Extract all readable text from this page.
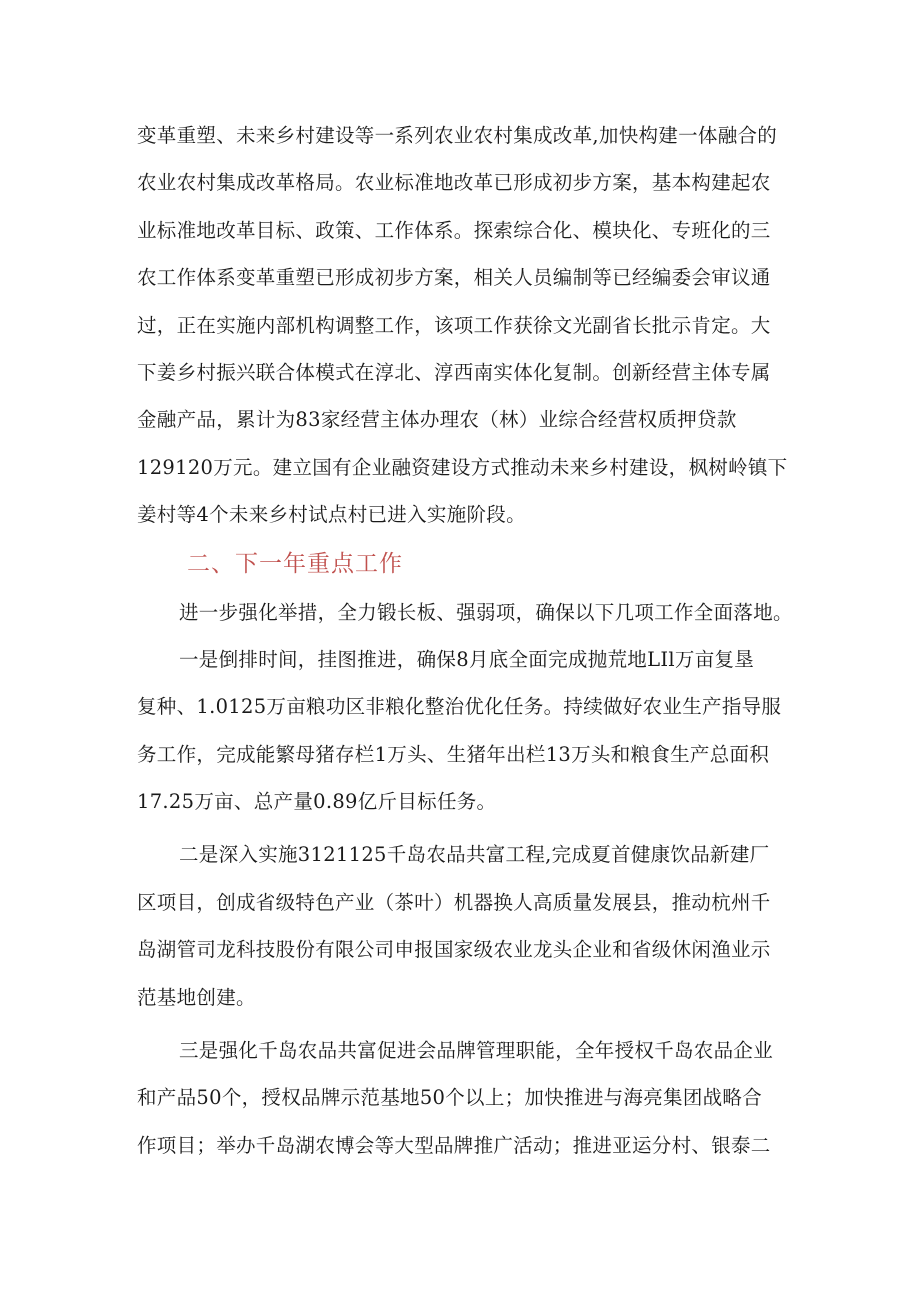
变革重塑、未来乡村建设等一系列农业农村集成改革,加快构建一体融合的
农业农村集成改革格局。农业标准地改革已形成初步方案，基本构建起农
业标准地改革目标、政策、工作体系。探索综合化、模块化、专班化的三
农工作体系变革重塑已形成初步方案，相关人员编制等已经编委会审议通
过，正在实施内部机构调整工作，该项工作获徐文光副省长批示肯定。大
下姜乡村振兴联合体模式在淳北、淳西南实体化复制。创新经营主体专属
金融产品，累计为83家经营主体办理农（林）业综合经营权质押贷款
129120万元。建立国有企业融资建设方式推动未来乡村建设，枫树岭镇下
姜村等4个未来乡村试点村已进入实施阶段。
二、下一年重点工作
进一步强化举措，全力锻长板、强弱项，确保以下几项工作全面落地。
一是倒排时间，挂图推进，确保8月底全面完成抛荒地LIl万亩复垦
复种、1.0125万亩粮功区非粮化整治优化任务。持续做好农业生产指导服
务工作，完成能繁母猪存栏1万头、生猪年出栏13万头和粮食生产总面积
17.25万亩、总产量0.89亿斤目标任务。
二是深入实施3121125千岛农品共富工程,完成夏首健康饮品新建厂
区项目，创成省级特色产业（茶叶）机器换人高质量发展县，推动杭州千
岛湖管司龙科技股份有限公司申报国家级农业龙头企业和省级休闲渔业示
范基地创建。
三是强化千岛农品共富促进会品牌管理职能，全年授权千岛农品企业
和产品50个，授权品牌示范基地50个以上；加快推进与海亮集团战略合
作项目；举办千岛湖农博会等大型品牌推广活动；推进亚运分村、银泰二
